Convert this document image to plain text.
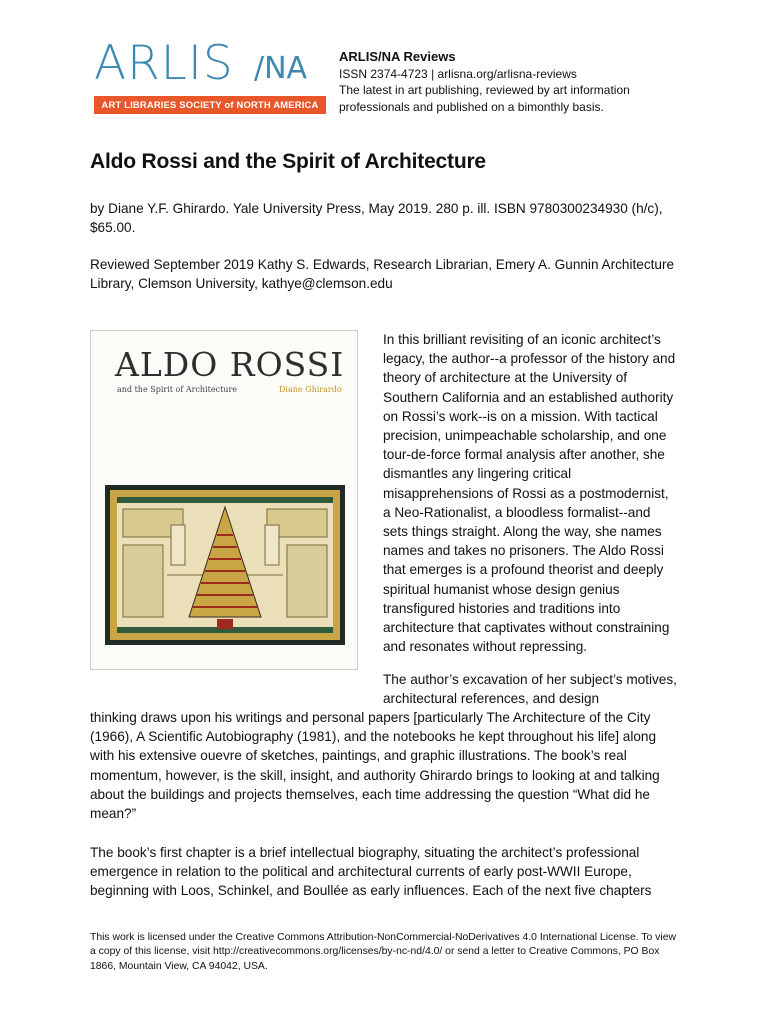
ARLIS /NA
ART LIBRARIES SOCIETY of NORTH AMERICA
ARLIS/NA Reviews
ISSN 2374-4723 | arlisna.org/arlisna-reviews
The latest in art publishing, reviewed by art information
professionals and published on a bimonthly basis.
Aldo Rossi and the Spirit of Architecture

by Diane Y.F. Ghirardo. Yale University Press, May 2019. 280 p. ill. ISBN 9780300234930 (h/c), $65.00.

Reviewed September 2019 Kathy S. Edwards, Research Librarian, Emery A. Gunnin Architecture Library, Clemson University, kathye@clemson.edu

ALDO ROSSI
and the Spirit of Architecture	Diane Ghirardo

In this brilliant revisiting of an iconic architect’s legacy, the author--a professor of the history and theory of architecture at the University of Southern California and an established authority on Rossi’s work--is on a mission. With tactical precision, unimpeachable scholarship, and one tour-de-force formal analysis after another, she dismantles any lingering critical misapprehensions of Rossi as a postmodernist, a Neo-Rationalist, a bloodless formalist--and sets things straight. Along the way, she names names and takes no prisoners. The Aldo Rossi that emerges is a profound theorist and deeply spiritual humanist whose design genius transfigured histories and traditions into architecture that captivates without constraining and resonates without repressing.

The author’s excavation of her subject’s motives, architectural references, and design

thinking draws upon his writings and personal papers [particularly The Architecture of the City (1966), A Scientific Autobiography (1981), and the notebooks he kept throughout his life] along with his extensive ouevre of sketches, paintings, and graphic illustrations. The book’s real momentum, however, is the skill, insight, and authority Ghirardo brings to looking at and talking about the buildings and projects themselves, each time addressing the question “What did he mean?”

The book’s first chapter is a brief intellectual biography, situating the architect’s professional emergence in relation to the political and architectural currents of early post-WWII Europe, beginning with Loos, Schinkel, and Boullée as early influences. Each of the next five chapters

This work is licensed under the Creative Commons Attribution-NonCommercial-NoDerivatives 4.0 International License. To view a copy of this license, visit http://creativecommons.org/licenses/by-nc-nd/4.0/ or send a letter to Creative Commons, PO Box 1866, Mountain View, CA 94042, USA.
